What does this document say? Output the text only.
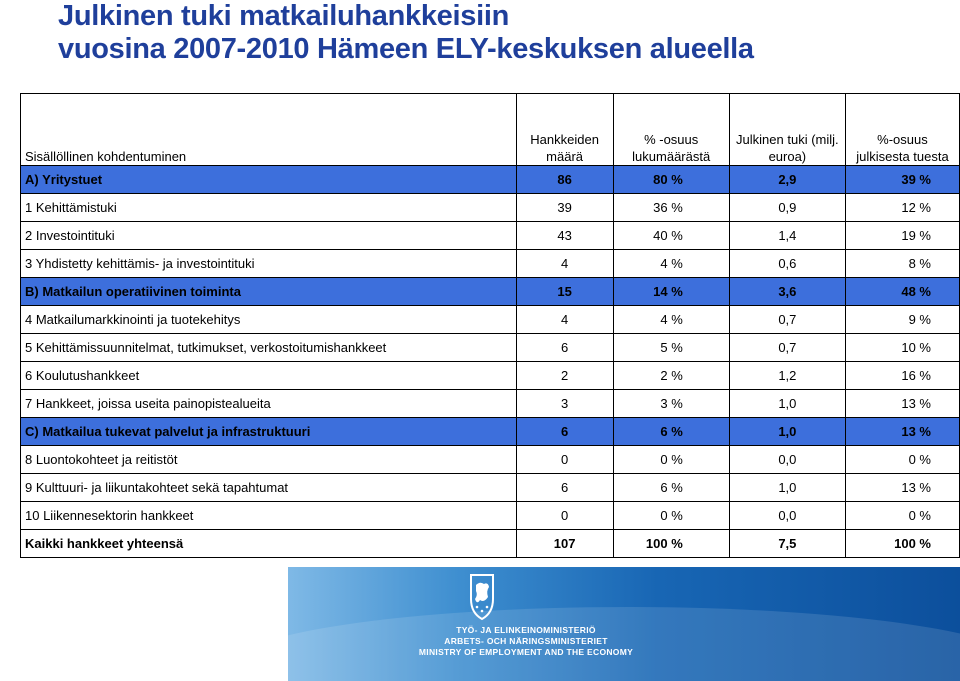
Julkinen tuki matkailuhankkeisiin
vuosina 2007-2010 Hämeen ELY-keskuksen alueella
Sisällöllinen kohdentuminen	Hankkeiden määrä	% -osuus lukumäärästä	Julkinen tuki (milj. euroa)	%-osuus julkisesta tuesta
A) Yritystuet	86	80 %	2,9	39 %
1 Kehittämistuki	39	36 %	0,9	12 %
2 Investointituki	43	40 %	1,4	19 %
3 Yhdistetty kehittämis- ja investointituki	4	4 %	0,6	8 %
B) Matkailun operatiivinen toiminta	15	14 %	3,6	48 %
4 Matkailumarkkinointi ja tuotekehitys	4	4 %	0,7	9 %
5 Kehittämissuunnitelmat, tutkimukset, verkostoitumishankkeet	6	5 %	0,7	10 %
6 Koulutushankkeet	2	2 %	1,2	16 %
7 Hankkeet, joissa useita painopistealueita	3	3 %	1,0	13 %
C) Matkailua tukevat palvelut ja infrastruktuuri	6	6 %	1,0	13 %
8 Luontokohteet ja reitistöt	0	0 %	0,0	0 %
9 Kulttuuri- ja liikuntakohteet sekä tapahtumat	6	6 %	1,0	13 %
10 Liikennesektorin hankkeet	0	0 %	0,0	0 %
Kaikki hankkeet yhteensä	107	100 %	7,5	100 %
TYÖ- JA ELINKEINOMINISTERIÖ
ARBETS- OCH NÄRINGSMINISTERIET
MINISTRY OF EMPLOYMENT AND THE ECONOMY
